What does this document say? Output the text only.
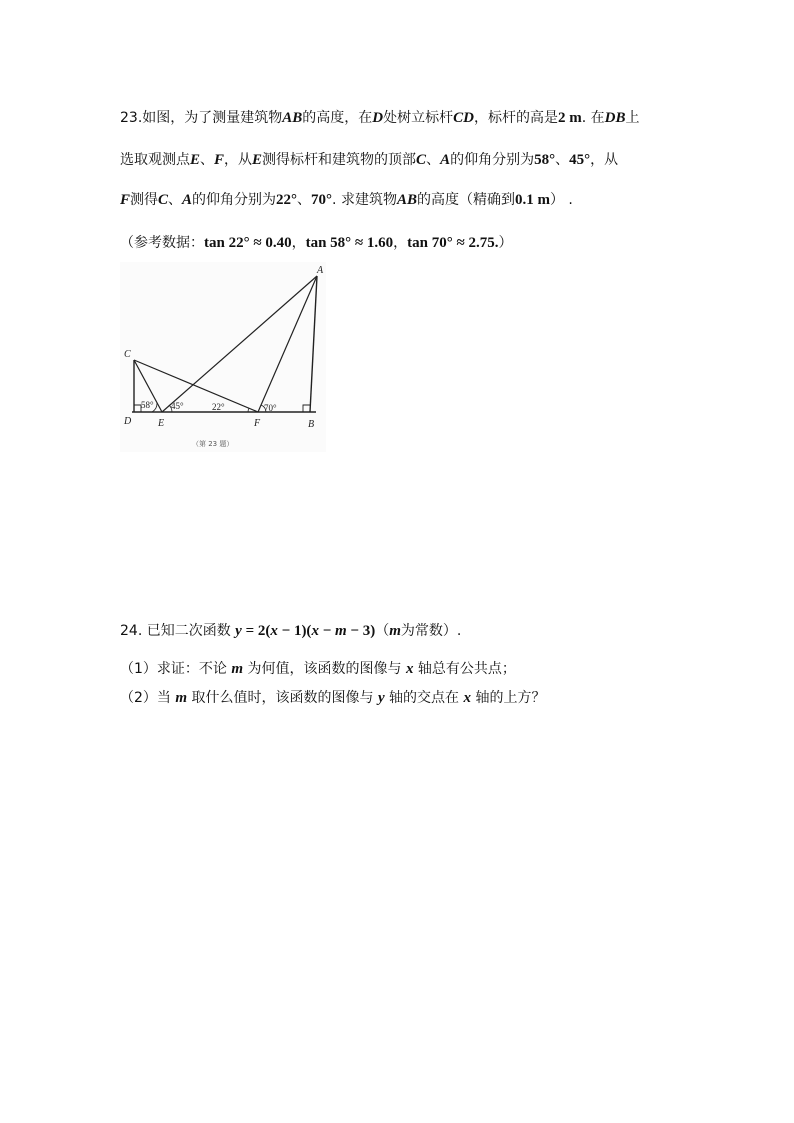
23.如图，为了测量建筑物AB的高度，在D处树立标杆CD，标杆的高是2 m. 在DB上
选取观测点E、F，从E测得标杆和建筑物的顶部C、A的仰角分别为58°、45°，从
F测得C、A的仰角分别为22°、70°. 求建筑物AB的高度（精确到0.1 m） .
（参考数据：tan 22° ≈ 0.40，tan 58° ≈ 1.60，tan 70° ≈ 2.75.）
C
D	E	F	B
A
58° 45°	22°	70°
（第 23 题）
24. 已知二次函数 y = 2(x − 1)(x − m − 3)（m为常数）.
（1）求证：不论 m 为何值，该函数的图像与 x 轴总有公共点；
（2）当 m 取什么值时，该函数的图像与 y 轴的交点在 x 轴的上方？
